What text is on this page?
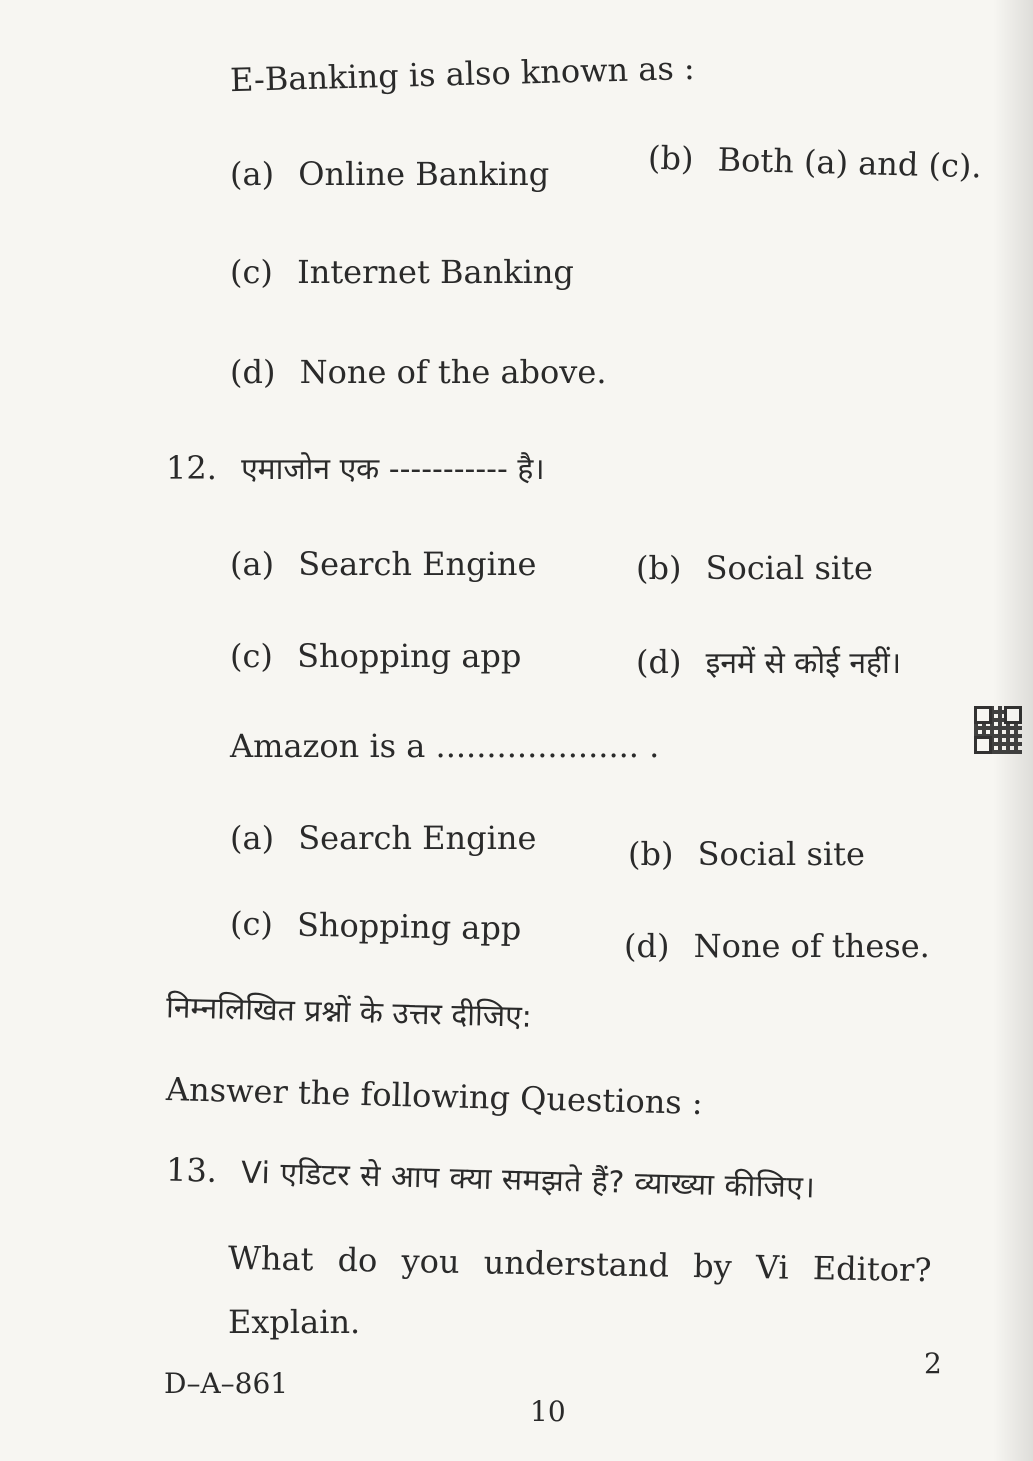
E-Banking is also known as :
(a) Online Banking	(b) Both (a) and (c).
(c) Internet Banking
(d) None of the above.
12. एमाजोन एक ----------- है।
(a) Search Engine	(b) Social site
(c) Shopping app	(d) इनमें से कोई नहीं।
Amazon is a .................... .
(a) Search Engine	(b) Social site
(c) Shopping app	(d) None of these.
निम्नलिखित प्रश्नों के उत्तर दीजिए:
Answer the following Questions :
13. Vi एडिटर से आप क्या समझते हैं? व्याख्या कीजिए।
What do you understand by Vi Editor?
Explain.
2
D–A–861
10
